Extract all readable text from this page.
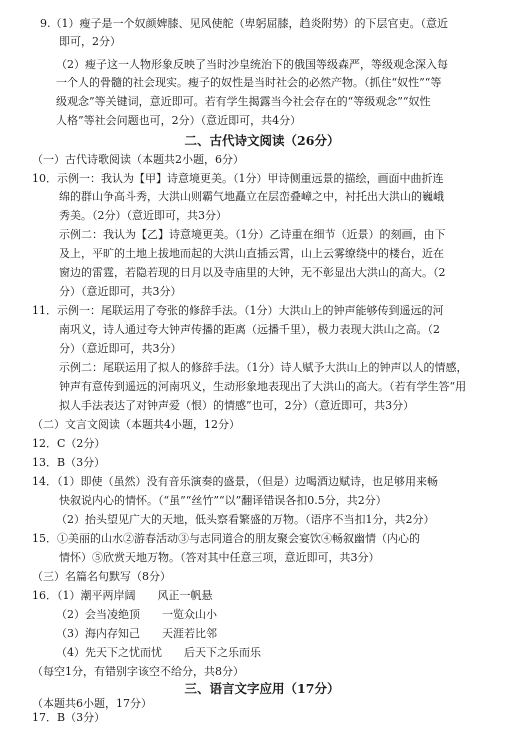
9.（1）瘦子是一个奴颜婢膝、见风使舵（卑躬屈膝，趋炎附势）的下层官吏。（意近
即可，2分）
（2）瘦子这一人物形象反映了当时沙皇统治下的俄国等级森严，等级观念深入每
一个人的骨髓的社会现实。瘦子的奴性是当时社会的必然产物。（抓住“奴性”“等
级观念”等关键词，意近即可。若有学生揭露当今社会存在的“等级观念”“奴性
人格”等社会问题也可，2分）（意近即可，共4分）
二、古代诗文阅读（26分）
（一）古代诗歌阅读（本题共2小题，6分）
10．示例一：我认为【甲】诗意境更美。（1分）甲诗侧重远景的描绘，画面中曲折连
绵的群山争高斗秀，大洪山则霸气地矗立在层峦叠嶂之中，衬托出大洪山的巍峨
秀美。（2分）（意近即可，共3分）
示例二：我认为【乙】诗意境更美。（1分）乙诗重在细节（近景）的刻画，由下
及上，平旷的土地上拔地而起的大洪山直插云霄，山上云雾缭绕中的楼台，近在
窗边的雷霆，若隐若现的日月以及寺庙里的大钟，无不彰显出大洪山的高大。（2
分）（意近即可，共3分）
11．示例一：尾联运用了夸张的修辞手法。（1分）大洪山上的钟声能够传到遥远的河
南巩义，诗人通过夸大钟声传播的距离（远播千里），极力表现大洪山之高。（2
分）（意近即可，共3分）
示例二：尾联运用了拟人的修辞手法。（1分）诗人赋予大洪山上的钟声以人的情感，
钟声有意传到遥远的河南巩义，生动形象地表现出了大洪山的高大。（若有学生答“用
拟人手法表达了对钟声爱（恨）的情感”也可，2分）（意近即可，共3分）
（二）文言文阅读（本题共4小题，12分）
12．C（2分）
13．B（3分）
14．（1）即使（虽然）没有音乐演奏的盛景，（但是）边喝酒边赋诗，也足够用来畅
快叙说内心的情怀。（“虽”“丝竹”“以”翻译错误各扣0.5分，共2分）
（2）抬头望见广大的天地，低头察看繁盛的万物。（语序不当扣1分，共2分）
15．①美丽的山水②游春活动③与志同道合的朋友聚会宴饮④畅叙幽情（内心的
情怀）⑤欣赏天地万物。（答对其中任意三项，意近即可，共3分）
（三）名篇名句默写（8分）
16．（1）潮平两岸阔　　风正一帆悬
（2）会当凌绝顶　　一览众山小
（3）海内存知己　　天涯若比邻
（4）先天下之忧而忧　　后天下之乐而乐
（每空1分，有错别字该空不给分，共8分）
三、语言文字应用（17分）
（本题共6小题，17分）
17．B（3分）
